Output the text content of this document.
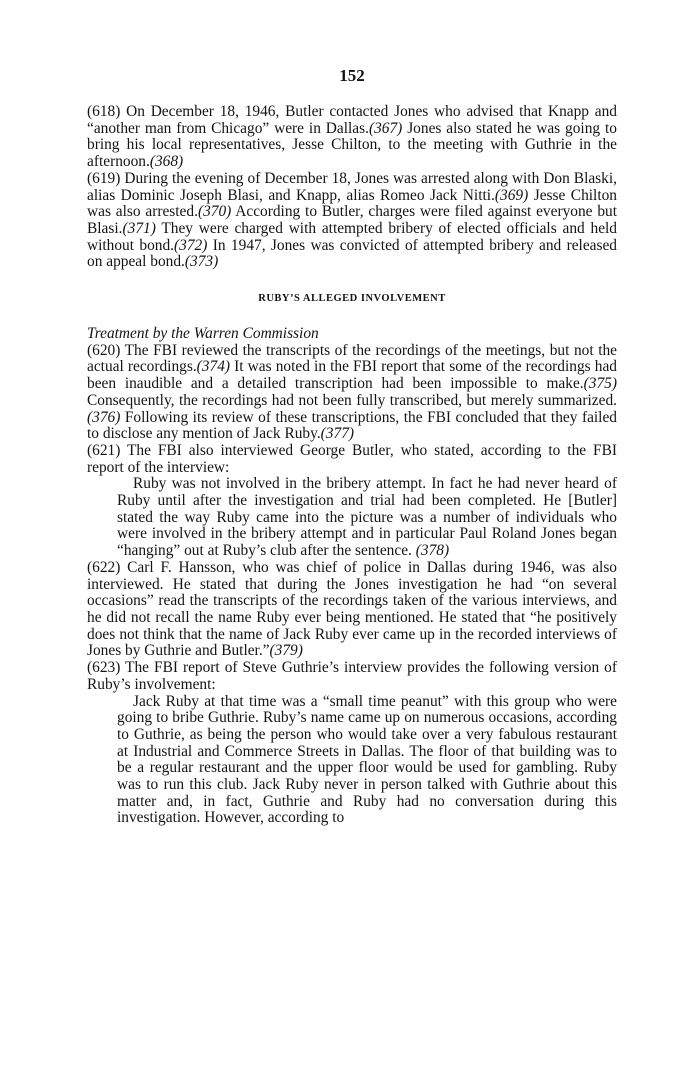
152

(618) On December 18, 1946, Butler contacted Jones who advised that Knapp and “another man from Chicago” were in Dallas.(367) Jones also stated he was going to bring his local representatives, Jesse Chilton, to the meeting with Guthrie in the afternoon.(368)

(619) During the evening of December 18, Jones was arrested along with Don Blaski, alias Dominic Joseph Blasi, and Knapp, alias Romeo Jack Nitti.(369) Jesse Chilton was also arrested.(370) According to Butler, charges were filed against everyone but Blasi.(371) They were charged with attempted bribery of elected officials and held without bond.(372) In 1947, Jones was convicted of attempted bribery and released on appeal bond.(373)

RUBY’S ALLEGED INVOLVEMENT
Treatment by the Warren Commission

(620) The FBI reviewed the transcripts of the recordings of the meetings, but not the actual recordings.(374) It was noted in the FBI report that some of the recordings had been inaudible and a detailed transcription had been impossible to make.(375) Consequently, the recordings had not been fully transcribed, but merely summarized.(376) Following its review of these transcriptions, the FBI concluded that they failed to disclose any mention of Jack Ruby.(377)

(621) The FBI also interviewed George Butler, who stated, according to the FBI report of the interview:

Ruby was not involved in the bribery attempt. In fact he had never heard of Ruby until after the investigation and trial had been completed. He [Butler] stated the way Ruby came into the picture was a number of individuals who were involved in the bribery attempt and in particular Paul Roland Jones began “hanging” out at Ruby’s club after the sentence. (378)

(622) Carl F. Hansson, who was chief of police in Dallas during 1946, was also interviewed. He stated that during the Jones investigation he had “on several occasions” read the transcripts of the recordings taken of the various interviews, and he did not recall the name Ruby ever being mentioned. He stated that “he positively does not think that the name of Jack Ruby ever came up in the recorded interviews of Jones by Guthrie and Butler.”(379)

(623) The FBI report of Steve Guthrie’s interview provides the following version of Ruby’s involvement:

Jack Ruby at that time was a “small time peanut” with this group who were going to bribe Guthrie. Ruby’s name came up on numerous occasions, according to Guthrie, as being the person who would take over a very fabulous restaurant at Industrial and Commerce Streets in Dallas. The floor of that building was to be a regular restaurant and the upper floor would be used for gambling. Ruby was to run this club. Jack Ruby never in person talked with Guthrie about this matter and, in fact, Guthrie and Ruby had no conversation during this investigation. However, according to
